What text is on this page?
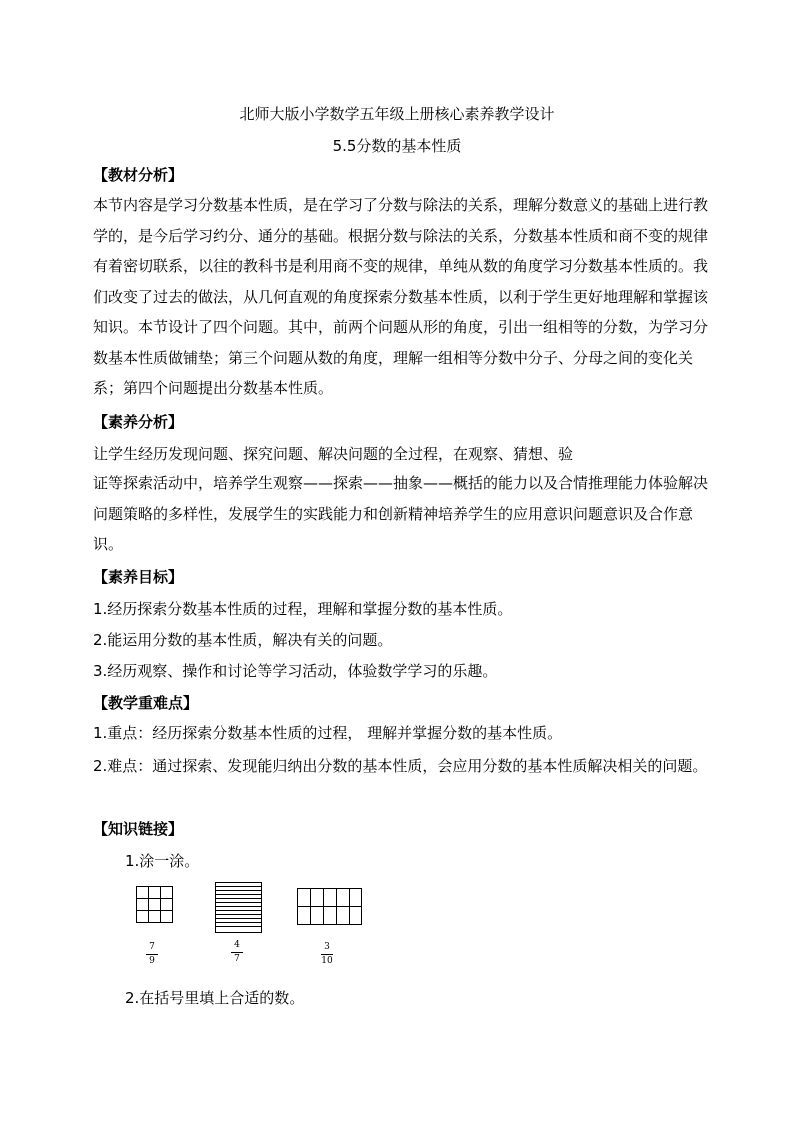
北师大版小学数学五年级上册核心素养教学设计
5.5分数的基本性质
【教材分析】
本节内容是学习分数基本性质，是在学习了分数与除法的关系，理解分数意义的基础上进行教学的，是今后学习约分、通分的基础。根据分数与除法的关系，分数基本性质和商不变的规律有着密切联系，以往的教科书是利用商不变的规律，单纯从数的角度学习分数基本性质的。我们改变了过去的做法，从几何直观的角度探索分数基本性质，以利于学生更好地理解和掌握该知识。本节设计了四个问题。其中，前两个问题从形的角度，引出一组相等的分数，为学习分数基本性质做铺垫；第三个问题从数的角度，理解一组相等分数中分子、分母之间的变化关系；第四个问题提出分数基本性质。
【素养分析】
让学生经历发现问题、探究问题、解决问题的全过程，在观察、猜想、验
证等探索活动中，培养学生观察——探索——抽象——概括的能力以及合情推理能力体验解决问题策略的多样性，发展学生的实践能力和创新精神培养学生的应用意识问题意识及合作意识。
【素养目标】
1.经历探索分数基本性质的过程，理解和掌握分数的基本性质。
2.能运用分数的基本性质，解决有关的问题。
3.经历观察、操作和讨论等学习活动，体验数学学习的乐趣。
【教学重难点】
1.重点：经历探索分数基本性质的过程， 理解并掌握分数的基本性质。
2.难点：通过探索、发现能归纳出分数的基本性质，会应用分数的基本性质解决相关的问题。
【知识链接】
1.涂一涂。
7
9
4
7
3
10
2.在括号里填上合适的数。
